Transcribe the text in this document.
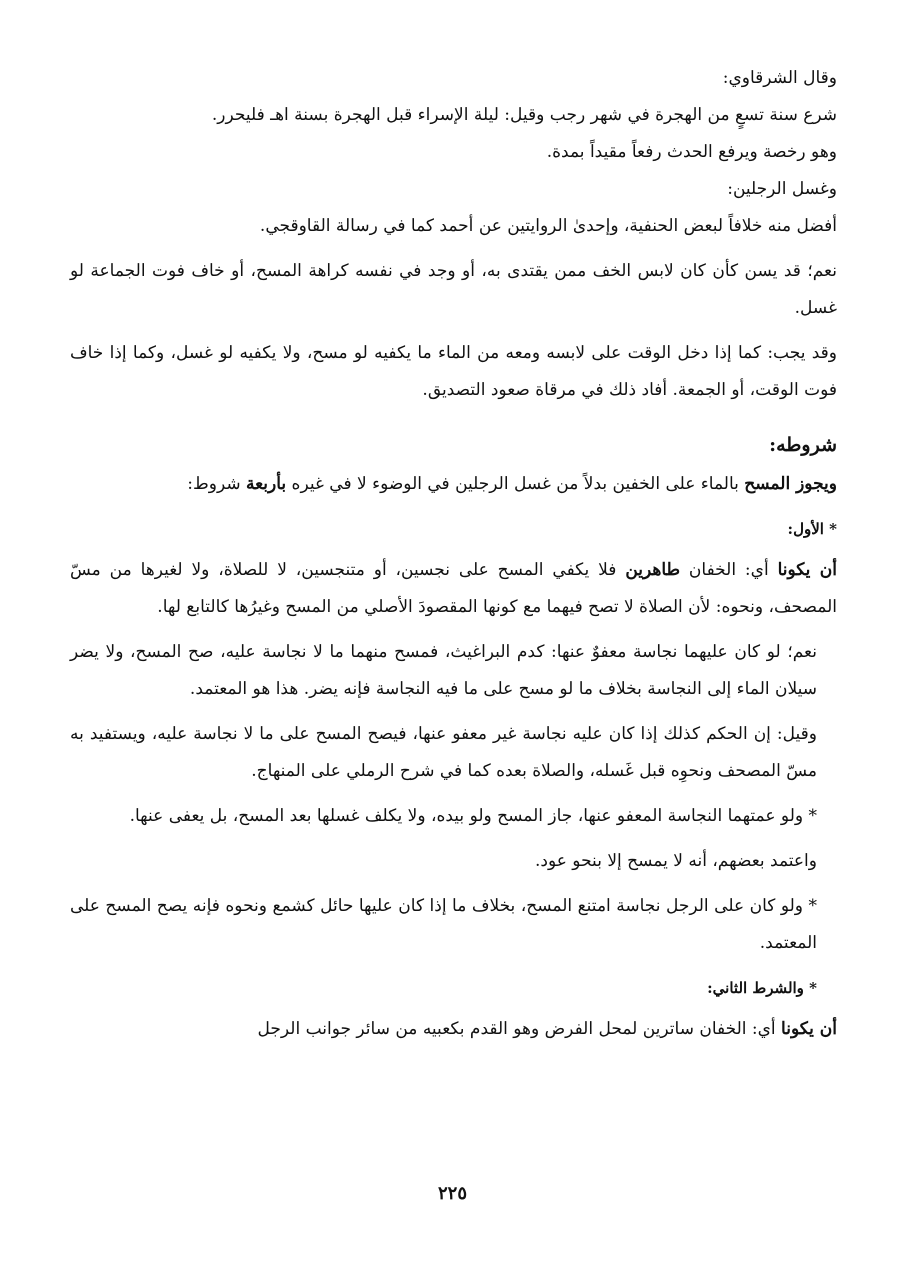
وقال الشرقاوي:

شرع سنة تسعٍ من الهجرة في شهر رجب وقيل: ليلة الإسراء قبل الهجرة بسنة اهـ فليحرر.

وهو رخصة ويرفع الحدث رفعاً مقيداً بمدة.

وغسل الرجلين:

أفضل منه خلافاً لبعض الحنفية، وإحدىٰ الروايتين عن أحمد كما في رسالة القاوقجي.

نعم؛ قد يسن كأن كان لابس الخف ممن يقتدى به، أو وجد في نفسه كراهة المسح، أو خاف فوت الجماعة لو غسل.

وقد يجب: كما إذا دخل الوقت على لابسه ومعه من الماء ما يكفيه لو مسح، ولا يكفيه لو غسل، وكما إذا خاف فوت الوقت، أو الجمعة. أفاد ذلك في مرقاة صعود التصديق.

شروطه:

ويجوز المسح بالماء على الخفين بدلاً من غسل الرجلين في الوضوء لا في غيره بأربعة شروط:

* الأول:

أن يكونا أي: الخفان طاهرين فلا يكفي المسح على نجسين، أو متنجسين، لا للصلاة، ولا لغيرها من مسّ المصحف، ونحوه: لأن الصلاة لا تصح فيهما مع كونها المقصودَ الأصلي من المسح وغيرُها كالتابع لها.

نعم؛ لو كان عليهما نجاسة معفوٌ عنها: كدم البراغيث، فمسح منهما ما لا نجاسة عليه، صح المسح، ولا يضر سيلان الماء إلى النجاسة بخلاف ما لو مسح على ما فيه النجاسة فإنه يضر. هذا هو المعتمد.

وقيل: إن الحكم كذلك إذا كان عليه نجاسة غير معفو عنها، فيصح المسح على ما لا نجاسة عليه، ويستفيد به مسّ المصحف ونحوِه قبل غَسله، والصلاة بعده كما في شرح الرملي على المنهاج.

* ولو عمتهما النجاسة المعفو عنها، جاز المسح ولو بيده، ولا يكلف غسلها بعد المسح، بل يعفى عنها.

واعتمد بعضهم، أنه لا يمسح إلا بنحو عود.

* ولو كان على الرجل نجاسة امتنع المسح، بخلاف ما إذا كان عليها حائل كشمع ونحوه فإنه يصح المسح على المعتمد.

* والشرط الثاني:

أن يكونا أي: الخفان ساترين لمحل الفرض وهو القدم بكعبيه من سائر جوانب الرجل

٢٢٥
